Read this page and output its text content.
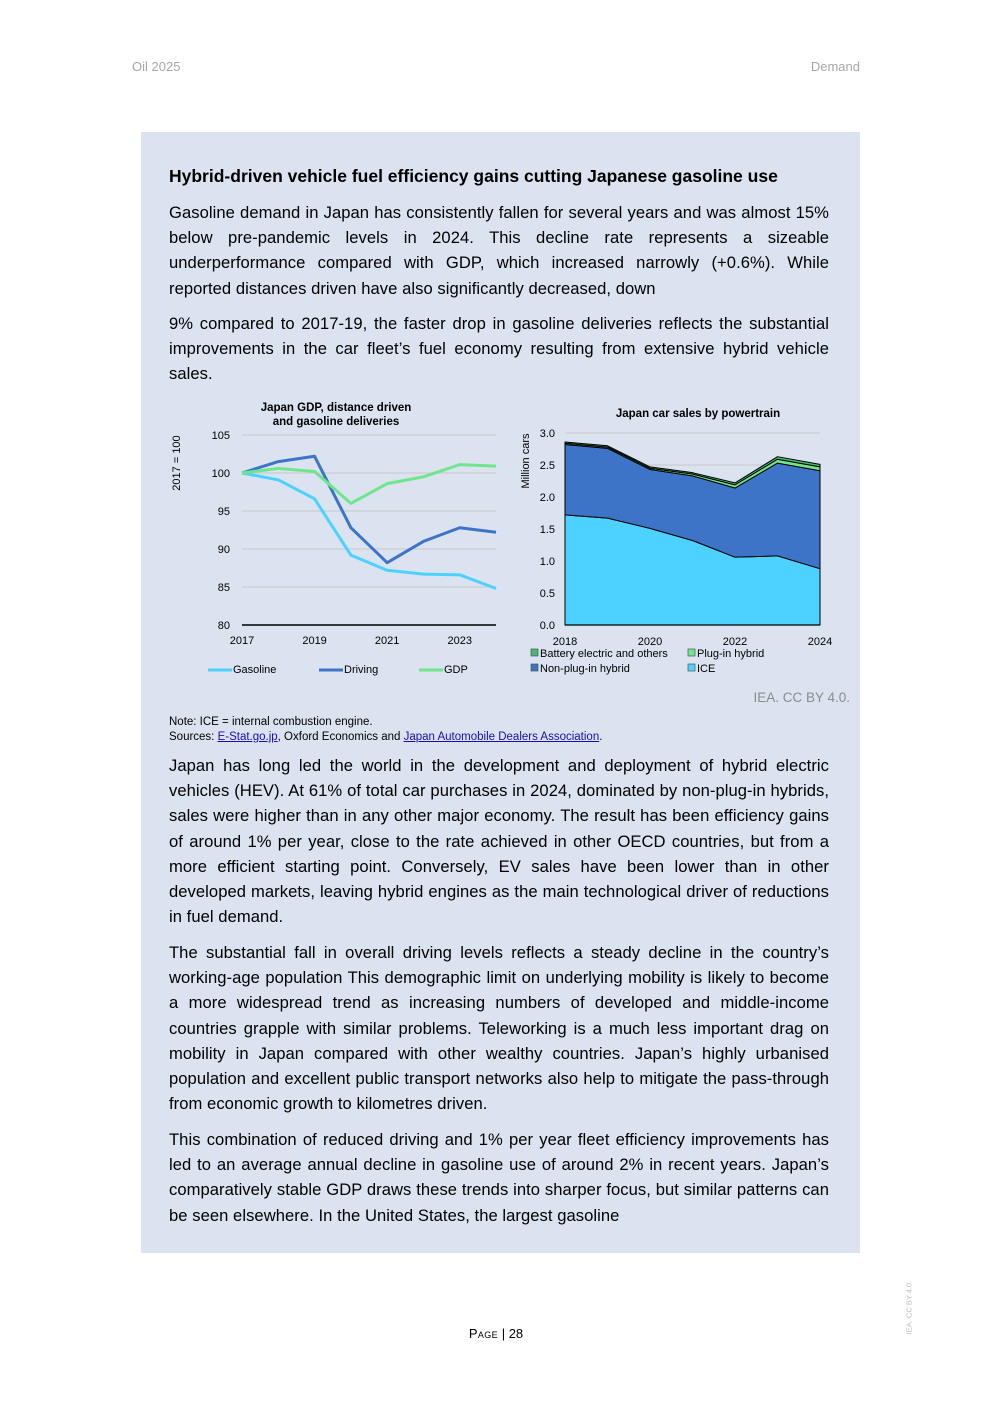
Oil 2025	Demand
Hybrid-driven vehicle fuel efficiency gains cutting Japanese gasoline use
Gasoline demand in Japan has consistently fallen for several years and was almost 15% below pre-pandemic levels in 2024. This decline rate represents a sizeable underperformance compared with GDP, which increased narrowly (+0.6%). While reported distances driven have also significantly decreased, down
9% compared to 2017-19, the faster drop in gasoline deliveries reflects the substantial improvements in the car fleet’s fuel economy resulting from extensive hybrid vehicle sales.
Japan GDP, distance driven
and gasoline deliveries
2017 = 100
80
85
90
95
100
105
2017	2019	2021	2023
Gasoline	Driving	GDP
Japan car sales by powertrain
Million cars
0.0
0.5
1.0
1.5
2.0
2.5
3.0
2018	2020	2022	2024
Battery electric and others	Plug-in hybrid
Non-plug-in hybrid	ICE
IEA. CC BY 4.0.
Note: ICE = internal combustion engine.
Sources: E-Stat.go.jp, Oxford Economics and Japan Automobile Dealers Association.
Japan has long led the world in the development and deployment of hybrid electric vehicles (HEV). At 61% of total car purchases in 2024, dominated by non-plug-in hybrids, sales were higher than in any other major economy. The result has been efficiency gains of around 1% per year, close to the rate achieved in other OECD countries, but from a more efficient starting point. Conversely, EV sales have been lower than in other developed markets, leaving hybrid engines as the main technological driver of reductions in fuel demand.
The substantial fall in overall driving levels reflects a steady decline in the country’s working-age population This demographic limit on underlying mobility is likely to become a more widespread trend as increasing numbers of developed and middle-income countries grapple with similar problems. Teleworking is a much less important drag on mobility in Japan compared with other wealthy countries. Japan’s highly urbanised population and excellent public transport networks also help to mitigate the pass-through from economic growth to kilometres driven.
This combination of reduced driving and 1% per year fleet efficiency improvements has led to an average annual decline in gasoline use of around 2% in recent years. Japan’s comparatively stable GDP draws these trends into sharper focus, but similar patterns can be seen elsewhere. In the United States, the largest gasoline
Page | 28	IEA. CC BY 4.0.
